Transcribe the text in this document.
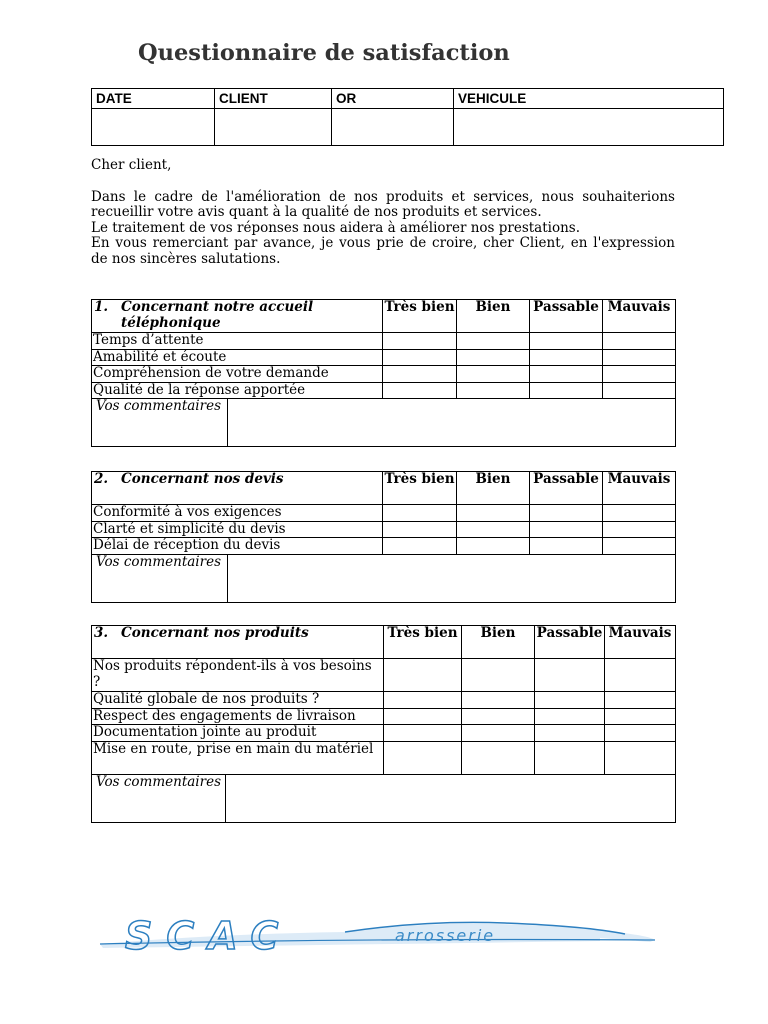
Questionnaire de satisfaction
DATE	CLIENT	OR	VEHICULE

Cher client,

Dans le cadre de l'amélioration de nos produits et services, nous souhaiterions recueillir votre avis quant à la qualité de nos produits et services.

Le traitement de vos réponses nous aidera à améliorer nos prestations.

En vous remerciant par avance, je vous prie de croire, cher Client, en l'expression de nos sincères salutations.

1. Concernant notre accueil téléphonique	Très bien	Bien	Passable	Mauvais
Temps d’attente				
Amabilité et écoute				
Compréhension de votre demande				
Qualité de la réponse apportée				

Vos commentaires				
2. Concernant nos devis	Très bien	Bien	Passable	Mauvais
Conformité à vos exigences				
Clarté et simplicité du devis				
Délai de réception du devis				

Vos commentaires				
3. Concernant nos produits	Très bien	Bien	Passable	Mauvais
Nos produits répondent-ils à vos besoins ?				
Qualité globale de nos produits ?				
Respect des engagements de livraison				
Documentation jointe au produit				
Mise en route, prise en main du matériel				

Vos commentaires				
SCAC	arrosserie
